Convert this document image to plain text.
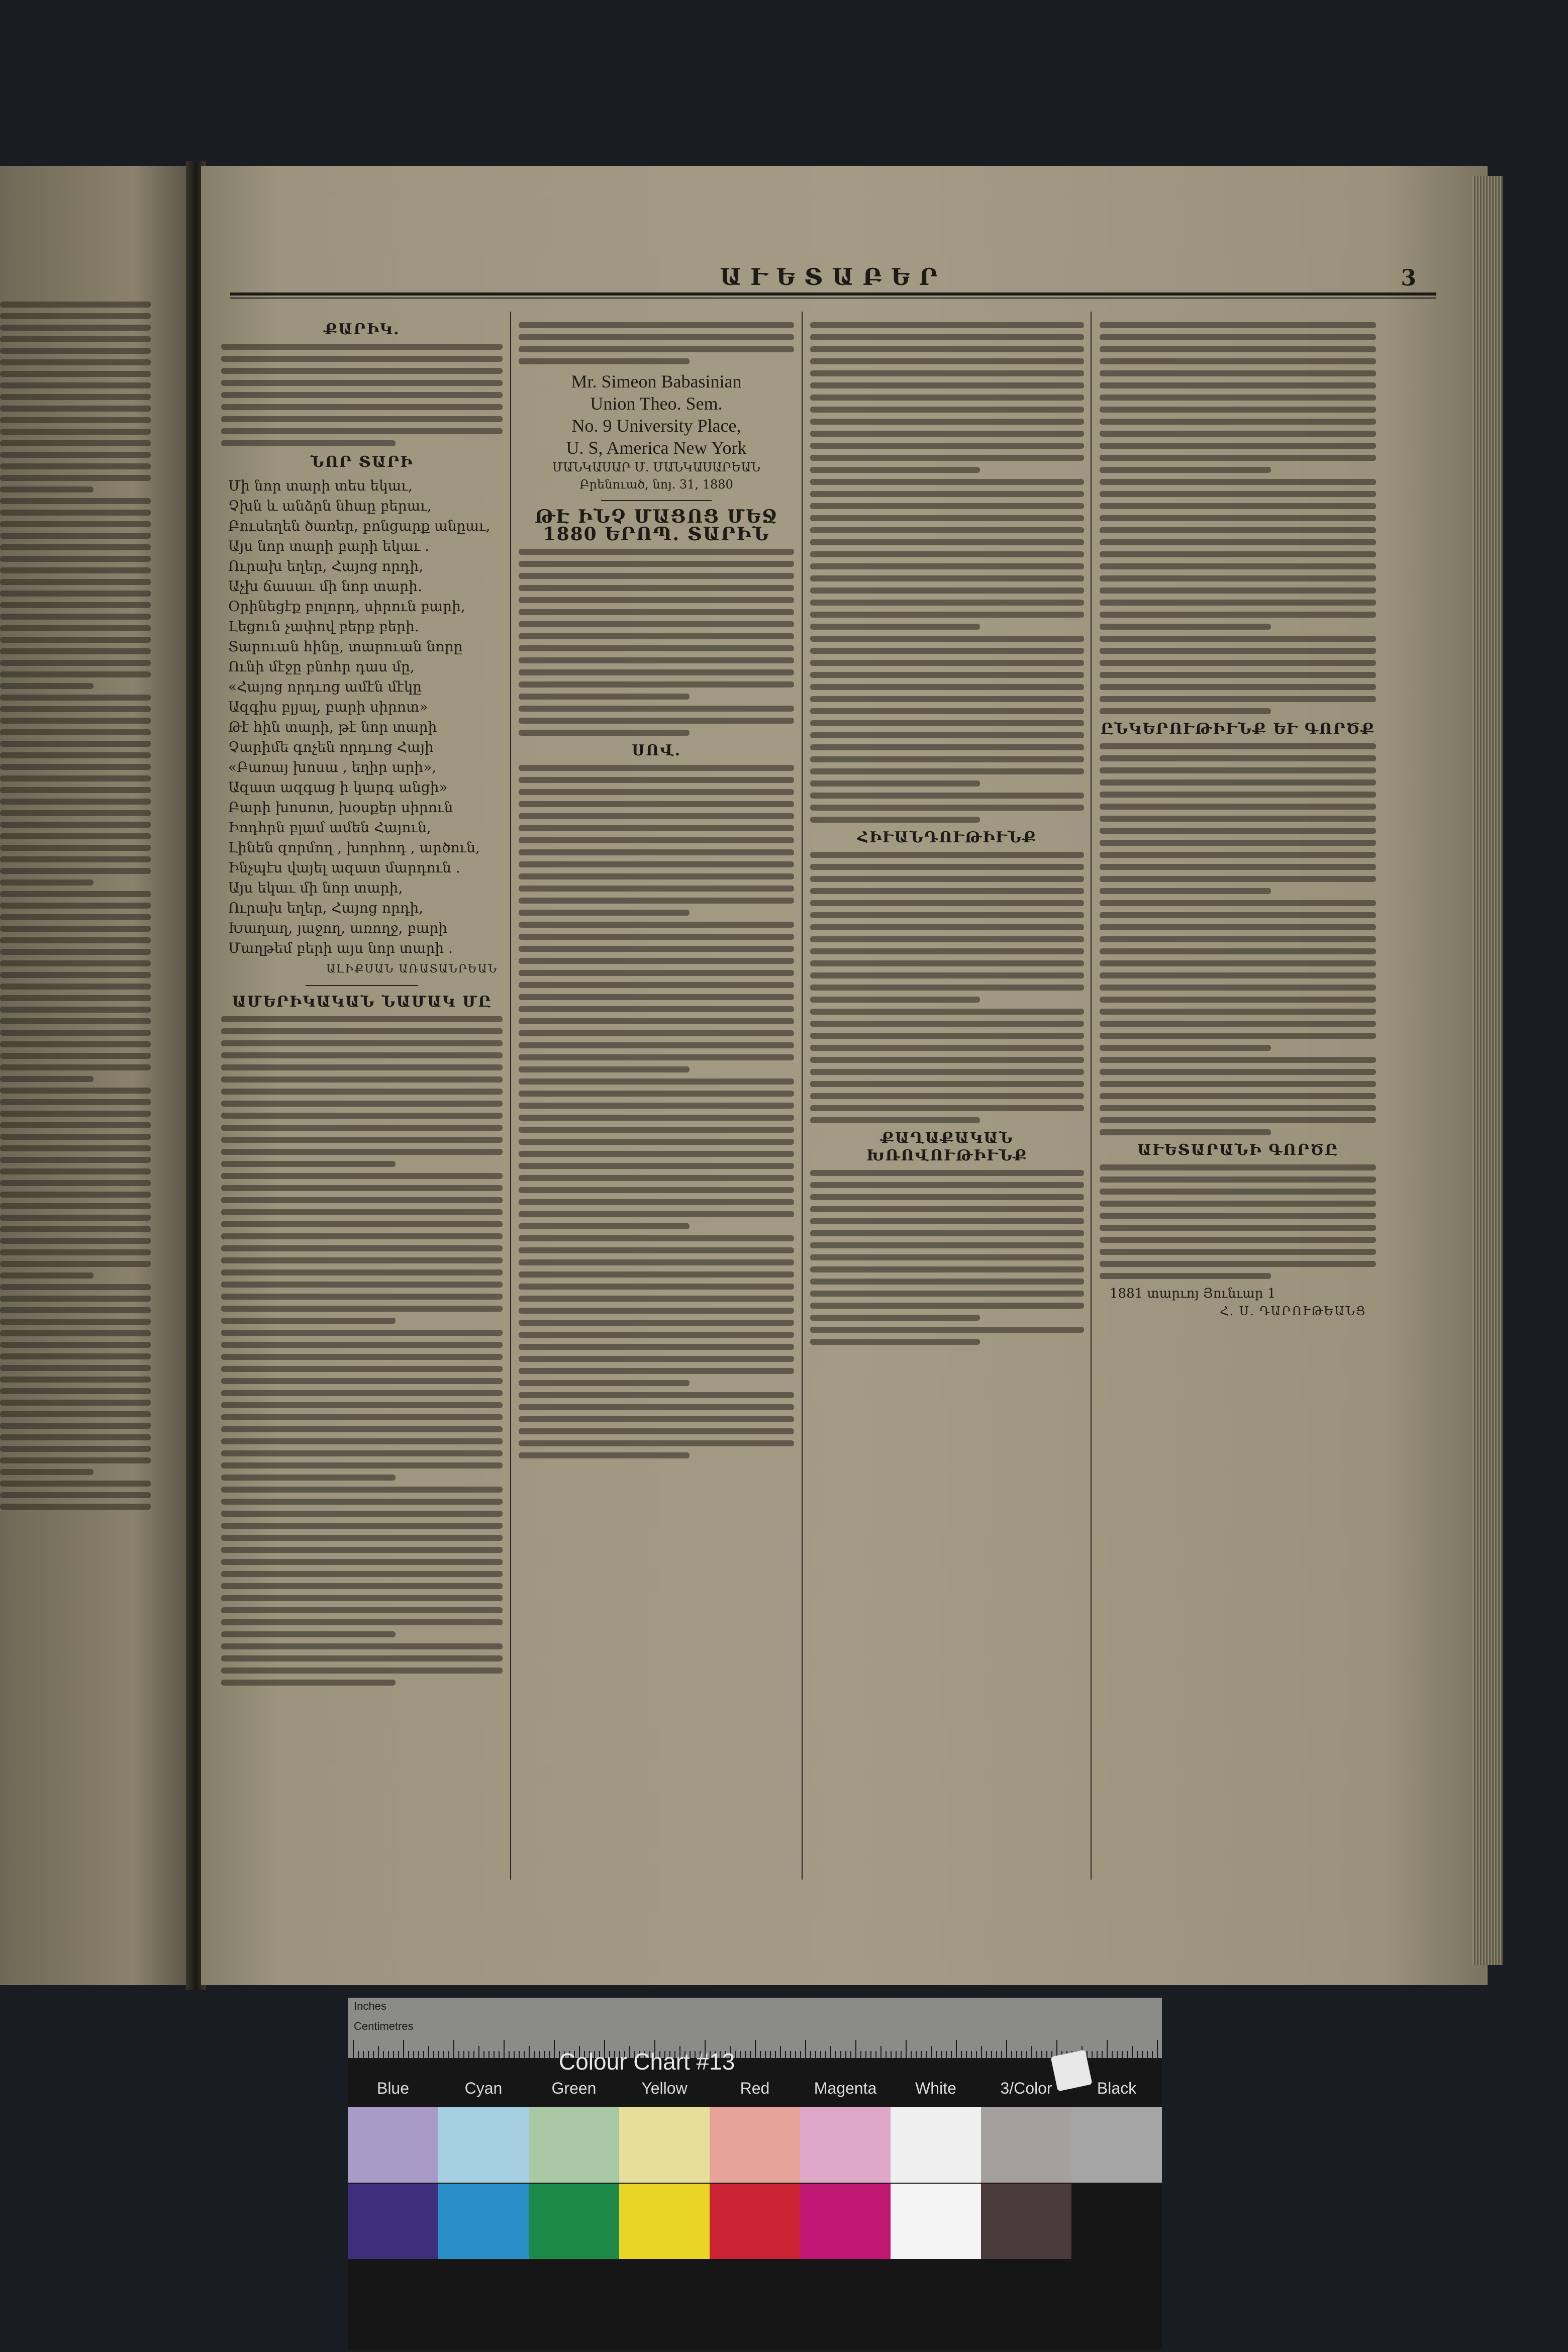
ԱՒԵՏԱԲԵՐ	3
ՔԱՐԻԿ.
ՆՈՐ ՏԱՐԻ

Մի նոր տարի տես եկաւ,

Չխն և անձրն նհաը բերաւ,

Բուսեղեն ծառեր, բոնցարք անըաւ,

Այս նոր տարի բարի եկաւ .

Ուրախ եղեր, Հայոց որդի,

Աչխ ճասաւ մի նոր տարի.

Օրինեցէք բոլորդ, սիրուն բարի,

Լեցուն չափով բերք բերի.

Տարուան հինը, տարուան նորը

Ունի մէջը բնոհր դաս մը,

«Հայոց որդւոց ամէն մէկը

Ազգիս բլյալ, բարի սիրոտ»

Թէ հին տարի, թէ նոր տարի

Չարիմե գոչեն որդւոց Հայի

«Բառայ խոսա , եղիր արի»,

Ազատ ազգաց ի կարգ անցի»

Բարի խոսոտ, խօսքեր սիրուն

Իոդհրն բլամ ամեն Հայուն,

Լինեն զորմող , խորհոդ , արծուն,

Ինչպէս վայել ազատ մարդուն .

Այս եկաւ մի նոր տարի,

Ուրախ եղեր, Հայոց որդի,

Խաղաղ, յաջող, առողջ, բարի

Մաղթեմ բերի այս նոր տարի .

ԱԼԻՔՍԱՆ ԱՌԱՏԱՆՐԵԱՆ
ԱՄԵՐԻԿԱԿԱՆ ՆԱՄԱԿ ՄԸ

Mr. Simeon Babasinian

Union Theo. Sem.

No. 9 University Place,

U. S, America New York

ՄԱՆԿԱՍԱՐ Մ. ՄԱՆԿԱՍԱՐԵԱՆ
Բրենուած, նոյ. 31, 1880
ԹԷ ԻՆՉ ՄԱՑՈՑ ՄԵՋ 1880 ԵՐՈՊ. ՏԱՐԻՆ
ՍՈՎ.
ՀԻՒԱՆԴՈՒԹԻՒՆՔ
ՔԱՂԱՔԱԿԱՆ ԽՌՈՎՈՒԹԻՒՆՔ
ԸՆԿԵՐՈՒԹԻՒՆՔ ԵՒ ԳՈՐԾՔ
ԱՒԵՏԱՐԱՆԻ ԳՈՐԾԸ
1881 տարւոյ Յունւար 1
Հ. Ս. ԴԱՐՈՒԹԵԱՆՑ
Inches
Centimetres
Colour Chart #13
Blue	Cyan	Green	Yellow	Red	Magenta	White	3/Color	Black
